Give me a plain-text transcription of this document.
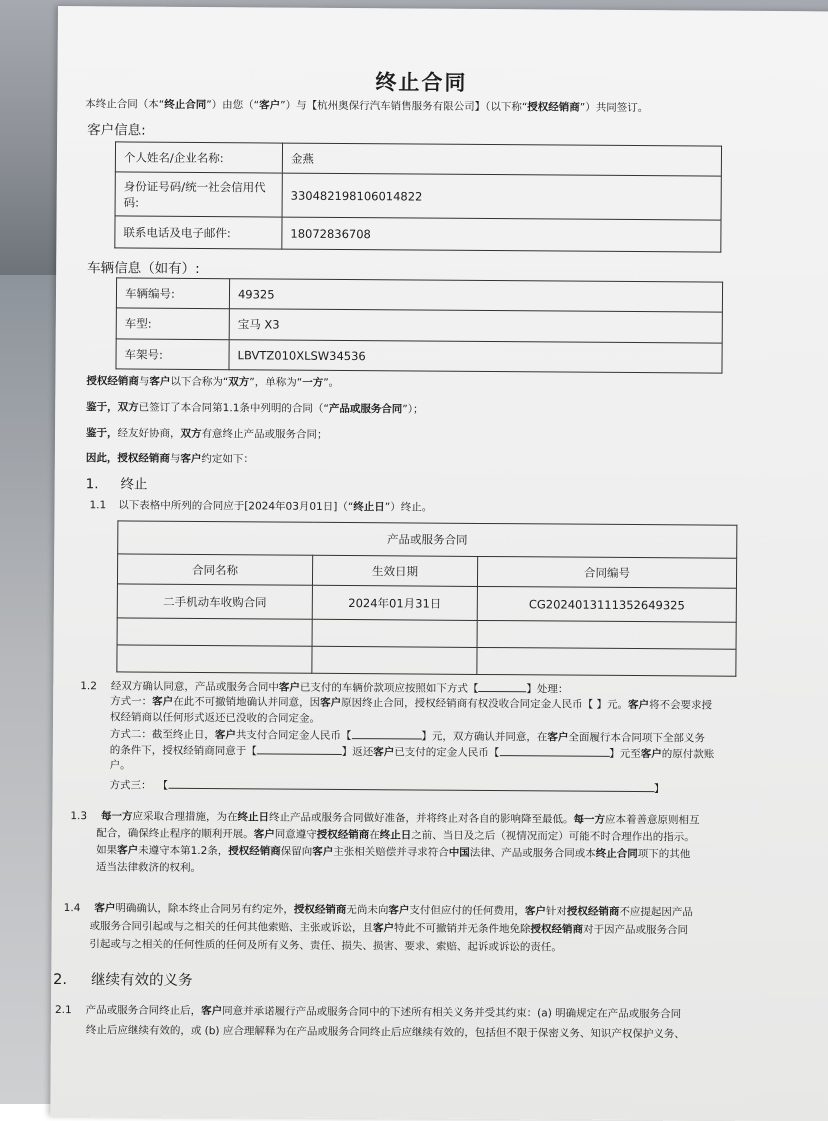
终止合同
本终止合同（本“终止合同”）由您（“客户”）与【杭州奥保行汽车销售服务有限公司】（以下称“授权经销商”）共同签订。
客户信息:
个人姓名/企业名称:	金燕
身份证号码/统一社会信用代码:	330482198106014822
联系电话及电子邮件:	18072836708
车辆信息（如有）:
车辆编号:	49325
车型:	宝马 X3
车架号:	LBVTZ010XLSW34536
授权经销商与客户以下合称为“双方”，单称为“一方”。
鉴于，双方已签订了本合同第1.1条中列明的合同（“产品或服务合同”）；
鉴于，经友好协商，双方有意终止产品或服务合同；
因此，授权经销商与客户约定如下：
1. 终止
1.1 以下表格中所列的合同应于[2024年03月01日]（“终止日”）终止。
产品或服务合同		
合同名称	生效日期	合同编号
二手机动车收购合同	2024年01月31日	CG2024013111352649325

1.2 经双方确认同意，产品或服务合同中客户已支付的车辆价款项应按照如下方式【	】处理：
方式一：客户在此不可撤销地确认并同意，因客户原因终止合同，授权经销商有权没收合同定金人民币【 】元。客户将不会要求授
权经销商以任何形式返还已没收的合同定金。
方式二：截至终止日，客户共支付合同定金人民币【	】元，双方确认并同意，在客户全面履行本合同项下全部义务
的条件下，授权经销商同意于【	】返还客户已支付的定金人民币【	】元至客户的原付款账
户。
方式三： 【	】
1.3 每一方应采取合理措施，为在终止日终止产品或服务合同做好准备，并将终止对各自的影响降至最低。每一方应本着善意原则相互
配合，确保终止程序的顺利开展。客户同意遵守授权经销商在终止日之前、当日及之后（视情况而定）可能不时合理作出的指示。
如果客户未遵守本第1.2条，授权经销商保留向客户主张相关赔偿并寻求符合中国法律、产品或服务合同或本终止合同项下的其他
适当法律救济的权利。
1.4 客户明确确认，除本终止合同另有约定外，授权经销商无尚未向客户支付但应付的任何费用，客户针对授权经销商不应提起因产品
或服务合同引起或与之相关的任何其他索赔、主张或诉讼，且客户特此不可撤销并无条件地免除授权经销商对于因产品或服务合同
引起或与之相关的任何性质的任何及所有义务、责任、损失、损害、要求、索赔、起诉或诉讼的责任。
2. 继续有效的义务
2.1 产品或服务合同终止后，客户同意并承诺履行产品或服务合同中的下述所有相关义务并受其约束：(a) 明确规定在产品或服务合同
终止后应继续有效的，或 (b) 应合理解释为在产品或服务合同终止后应继续有效的，包括但不限于保密义务、知识产权保护义务、
